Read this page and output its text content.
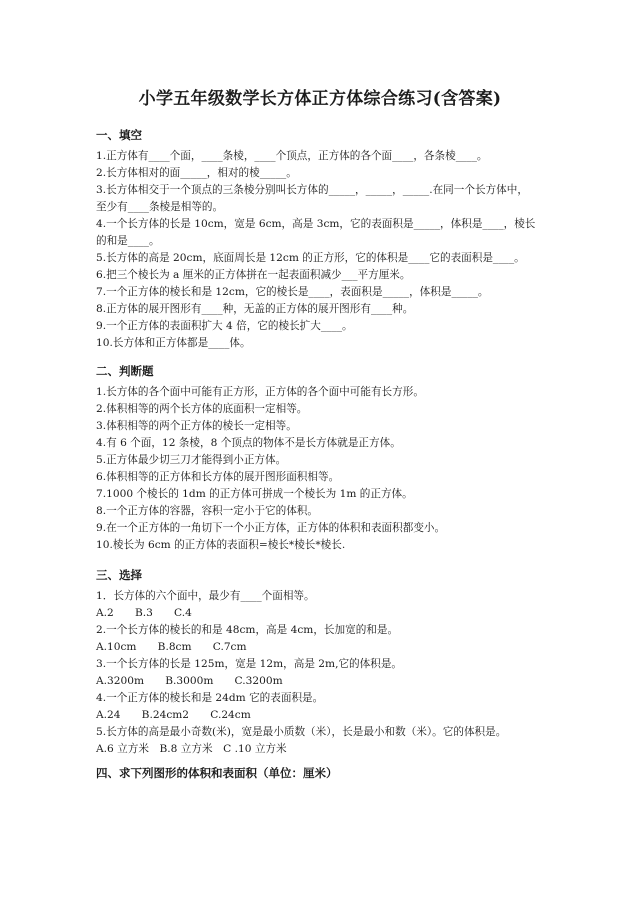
小学五年级数学长方体正方体综合练习(含答案)
一、填空
1.正方体有____个面，____条棱，____个顶点，正方体的各个面____，各条棱____。
2.长方体相对的面_____，相对的棱_____。
3.长方体相交于一个顶点的三条棱分别叫长方体的_____，_____，_____.在同一个长方体中，
至少有____条棱是相等的。
4.一个长方体的长是 10cm，宽是 6cm，高是 3cm，它的表面积是_____，体积是____，棱长
的和是____。
5.长方体的高是 20cm，底面周长是 12cm 的正方形，它的体积是____它的表面积是____。
6.把三个棱长为 a 厘米的正方体拼在一起表面积减少___平方厘米。
7.一个正方体的棱长和是 12cm，它的棱长是____，表面积是_____，体积是_____。
8.正方体的展开图形有____种，无盖的正方体的展开图形有____种。
9.一个正方体的表面积扩大 4 倍，它的棱长扩大____。
10.长方体和正方体都是____体。
二、判断题
1.长方体的各个面中可能有正方形，正方体的各个面中可能有长方形。
2.体积相等的两个长方体的底面积一定相等。
3.体积相等的两个正方体的棱长一定相等。
4.有 6 个面，12 条棱，8 个顶点的物体不是长方体就是正方体。
5.正方体最少切三刀才能得到小正方体。
6.体积相等的正方体和长方体的展开图形面积相等。
7.1000 个棱长的 1dm 的正方体可拼成一个棱长为 1m 的正方体。
8.一个正方体的容器，容积一定小于它的体积。
9.在一个正方体的一角切下一个小正方体，正方体的体积和表面积都变小。
10.棱长为 6cm 的正方体的表面积=棱长*棱长*棱长.
三、选择
1．长方体的六个面中，最少有____个面相等。
A.2　　B.3　　C.4
2.一个长方体的棱长的和是 48cm，高是 4cm，长加宽的和是。
A.10cm　　B.8cm　　C.7cm
3.一个长方体的长是 125m，宽是 12m，高是 2m,它的体积是。
A.3200m　　B.3000m　　C.3200m
4.一个正方体的棱长和是 24dm 它的表面积是。
A.24　　B.24cm2　　C.24cm
5.长方体的高是最小奇数(米)，宽是最小质数（米），长是最小和数（米）。它的体积是。
A.6 立方米　B.8 立方米　C .10 立方米
四、求下列图形的体积和表面积（单位：厘米）
